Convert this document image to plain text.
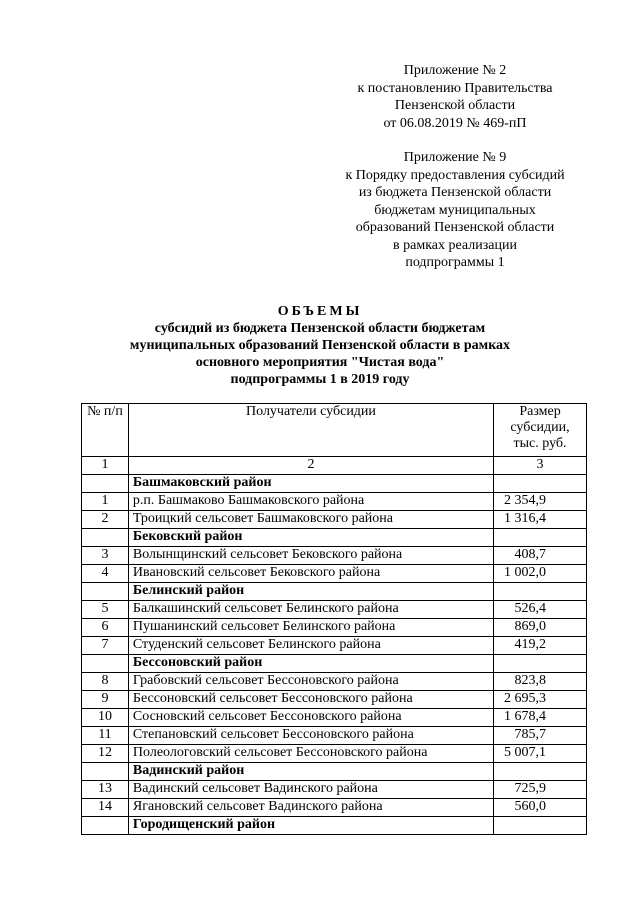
Приложение № 2
к постановлению Правительства
Пензенской области
от 06.08.2019 № 469-пП
Приложение № 9
к Порядку предоставления субсидий
из бюджета Пензенской области
бюджетам муниципальных
образований Пензенской области
в рамках реализации
подпрограммы 1
ОБЪЕМЫ
субсидий из бюджета Пензенской области бюджетам
муниципальных образований Пензенской области в рамках
основного мероприятия "Чистая вода"
подпрограммы 1 в 2019 году
№ п/п	Получатели субсидии	Размер субсидии, тыс. руб.
1	2	3
	Башмаковский район	
1	р.п. Башмаково Башмаковского района	2 354,9
2	Троицкий сельсовет Башмаковского района	1 316,4
	Бековский район	
3	Волынщинский сельсовет Бековского района	408,7
4	Ивановский сельсовет Бековского района	1 002,0
	Белинский район	
5	Балкашинский сельсовет Белинского района	526,4
6	Пушанинский сельсовет Белинского района	869,0
7	Студенский сельсовет Белинского района	419,2
	Бессоновский район	
8	Грабовский сельсовет Бессоновского района	823,8
9	Бессоновский сельсовет Бессоновского района	2 695,3
10	Сосновский сельсовет Бессоновского района	1 678,4
11	Степановский сельсовет Бессоновского района	785,7
12	Полеологовский сельсовет Бессоновского района	5 007,1
	Вадинский район	
13	Вадинский сельсовет Вадинского района	725,9
14	Ягановский сельсовет Вадинского района	560,0
	Городищенский район	
